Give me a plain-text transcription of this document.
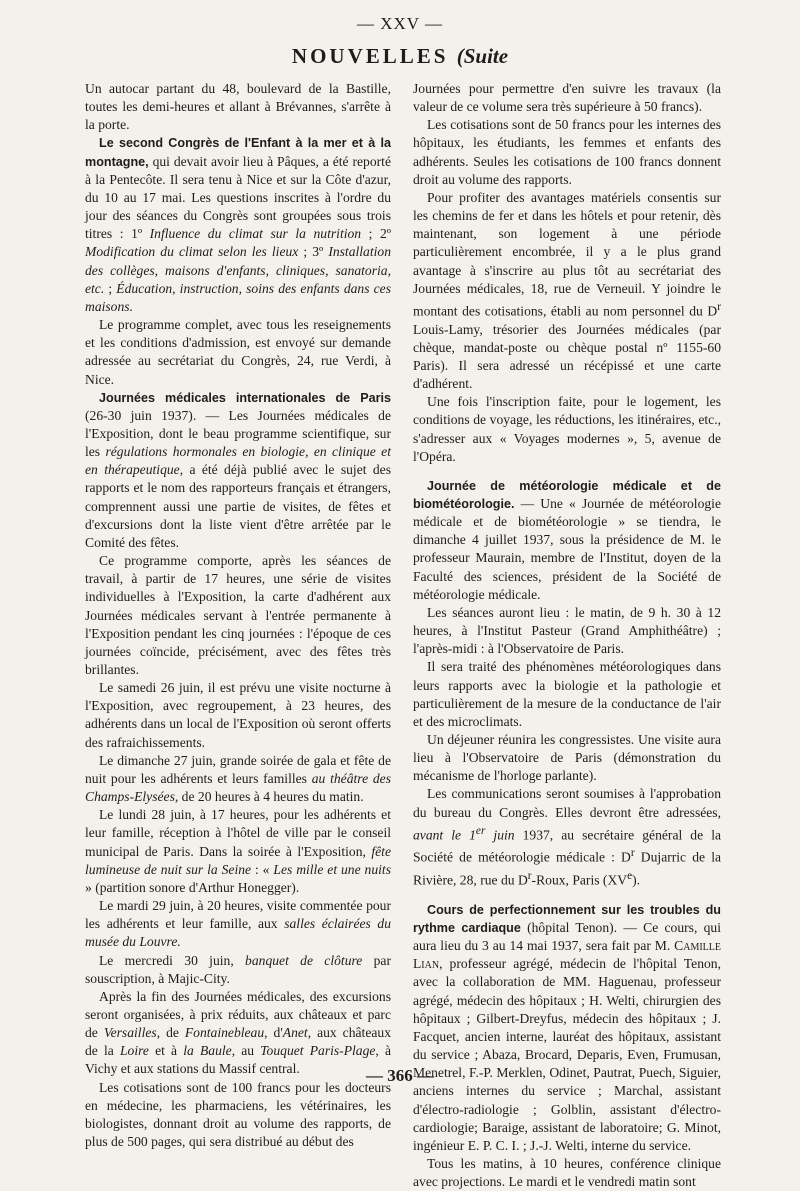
— XXV —
NOUVELLES (Suite

Un autocar partant du 48, boulevard de la Bastille, toutes les demi-heures et allant à Brévannes, s'arrête à la porte.

Le second Congrès de l'Enfant à la mer et à la montagne, qui devait avoir lieu à Pâques, a été reporté à la Pentecôte. Il sera tenu à Nice et sur la Côte d'azur, du 10 au 17 mai. Les questions inscrites à l'ordre du jour des séances du Congrès sont groupées sous trois titres : 1º Influence du climat sur la nutrition ; 2º Modification du climat selon les lieux ; 3º Installation des collèges, maisons d'enfants, cliniques, sanatoria, etc. ; Éducation, instruction, soins des enfants dans ces maisons.

Le programme complet, avec tous les reseignements et les conditions d'admission, est envoyé sur demande adressée au secrétariat du Congrès, 24, rue Verdi, à Nice.

Journées médicales internationales de Paris (26-30 juin 1937). — Les Journées médicales de l'Exposition, dont le beau programme scientifique, sur les régulations hormonales en biologie, en clinique et en thérapeutique, a été déjà publié avec le sujet des rapports et le nom des rapporteurs français et étrangers, comprennent aussi une partie de visites, de fêtes et d'excursions dont la liste vient d'être arrêtée par le Comité des fêtes.

Ce programme comporte, après les séances de travail, à partir de 17 heures, une série de visites individuelles à l'Exposition, la carte d'adhérent aux Journées médicales servant à l'entrée permanente à l'Exposition pendant les cinq journées : l'époque de ces journées coïncide, précisément, avec des fêtes très brillantes.

Le samedi 26 juin, il est prévu une visite nocturne à l'Exposition, avec regroupement, à 23 heures, des adhérents dans un local de l'Exposition où seront offerts des rafraichissements.

Le dimanche 27 juin, grande soirée de gala et fête de nuit pour les adhérents et leurs familles au théâtre des Champs-Elysées, de 20 heures à 4 heures du matin.

Le lundi 28 juin, à 17 heures, pour les adhérents et leur famille, réception à l'hôtel de ville par le conseil municipal de Paris. Dans la soirée à l'Exposition, fête lumineuse de nuit sur la Seine : « Les mille et une nuits » (partition sonore d'Arthur Honegger).

Le mardi 29 juin, à 20 heures, visite commentée pour les adhérents et leur famille, aux salles éclairées du musée du Louvre.

Le mercredi 30 juin, banquet de clôture par souscription, à Majic-City.

Après la fin des Journées médicales, des excursions seront organisées, à prix réduits, aux châteaux et parc de Versailles, de Fontainebleau, d'Anet, aux châteaux de la Loire et à la Baule, au Touquet Paris-Plage, à Vichy et aux stations du Massif central.

Les cotisations sont de 100 francs pour les docteurs en médecine, les pharmaciens, les vétérinaires, les biologistes, donnant droit au volume des rapports, de plus de 500 pages, qui sera distribué au début des

Journées pour permettre d'en suivre les travaux (la valeur de ce volume sera très supérieure à 50 francs).

Les cotisations sont de 50 francs pour les internes des hôpitaux, les étudiants, les femmes et enfants des adhérents. Seules les cotisations de 100 francs donnent droit au volume des rapports.

Pour profiter des avantages matériels consentis sur les chemins de fer et dans les hôtels et pour retenir, dès maintenant, son logement à une période particulièrement encombrée, il y a le plus grand avantage à s'inscrire au plus tôt au secrétariat des Journées médicales, 18, rue de Verneuil. Y joindre le montant des cotisations, établi au nom personnel du $D^r$ Louis-Lamy, trésorier des Journées médicales (par chèque, mandat-poste ou chèque postal nº 1155-60 Paris). Il sera adressé un récépissé et une carte d'adhérent.

Une fois l'inscription faite, pour le logement, les conditions de voyage, les réductions, les itinéraires, etc., s'adresser aux « Voyages modernes », 5, avenue de l'Opéra.

Journée de météorologie médicale et de biométéorologie. — Une « Journée de météorologie médicale et de biométéorologie » se tiendra, le dimanche 4 juillet 1937, sous la présidence de M. le professeur Maurain, membre de l'Institut, doyen de la Faculté des sciences, président de la Société de météorologie médicale.

Les séances auront lieu : le matin, de 9 h. 30 à 12 heures, à l'Institut Pasteur (Grand Amphithéâtre) ; l'après-midi : à l'Observatoire de Paris.

Il sera traité des phénomènes météorologiques dans leurs rapports avec la biologie et la pathologie et particulièrement de la mesure de la conductance de l'air et des microclimats.

Un déjeuner réunira les congressistes. Une visite aura lieu à l'Observatoire de Paris (démonstration du mécanisme de l'horloge parlante).

Les communications seront soumises à l'approbation du bureau du Congrès. Elles devront être adressées, avant le 1er juin 1937, au secrétaire général de la Société de météorologie médicale : $D^r$ Dujarric de la Rivière, 28, rue du $D^r$-Roux, Paris (XVe).

Cours de perfectionnement sur les troubles du rythme cardiaque (hôpital Tenon). — Ce cours, qui aura lieu du 3 au 14 mai 1937, sera fait par M. Camille Lian, professeur agrégé, médecin de l'hôpital Tenon, avec la collaboration de MM. Haguenau, professeur agrégé, médecin des hôpitaux ; H. Welti, chirurgien des hôpitaux ; Gilbert-Dreyfus, médecin des hôpitaux ; J. Facquet, ancien interne, lauréat des hôpitaux, assistant du service ; Abaza, Brocard, Deparis, Even, Frumusan, Menetrel, F.-P. Merklen, Odinet, Pautrat, Puech, Siguier, anciens internes du service ; Marchal, assistant d'électro-radiologie ; Golblin, assistant d'électro-cardiologie; Baraige, assistant de laboratoire; G. Minot, ingénieur E. P. C. I. ; J.-J. Welti, interne du service.

Tous les matins, à 10 heures, conférence clinique avec projections. Le mardi et le vendredi matin sont

— 366 —
